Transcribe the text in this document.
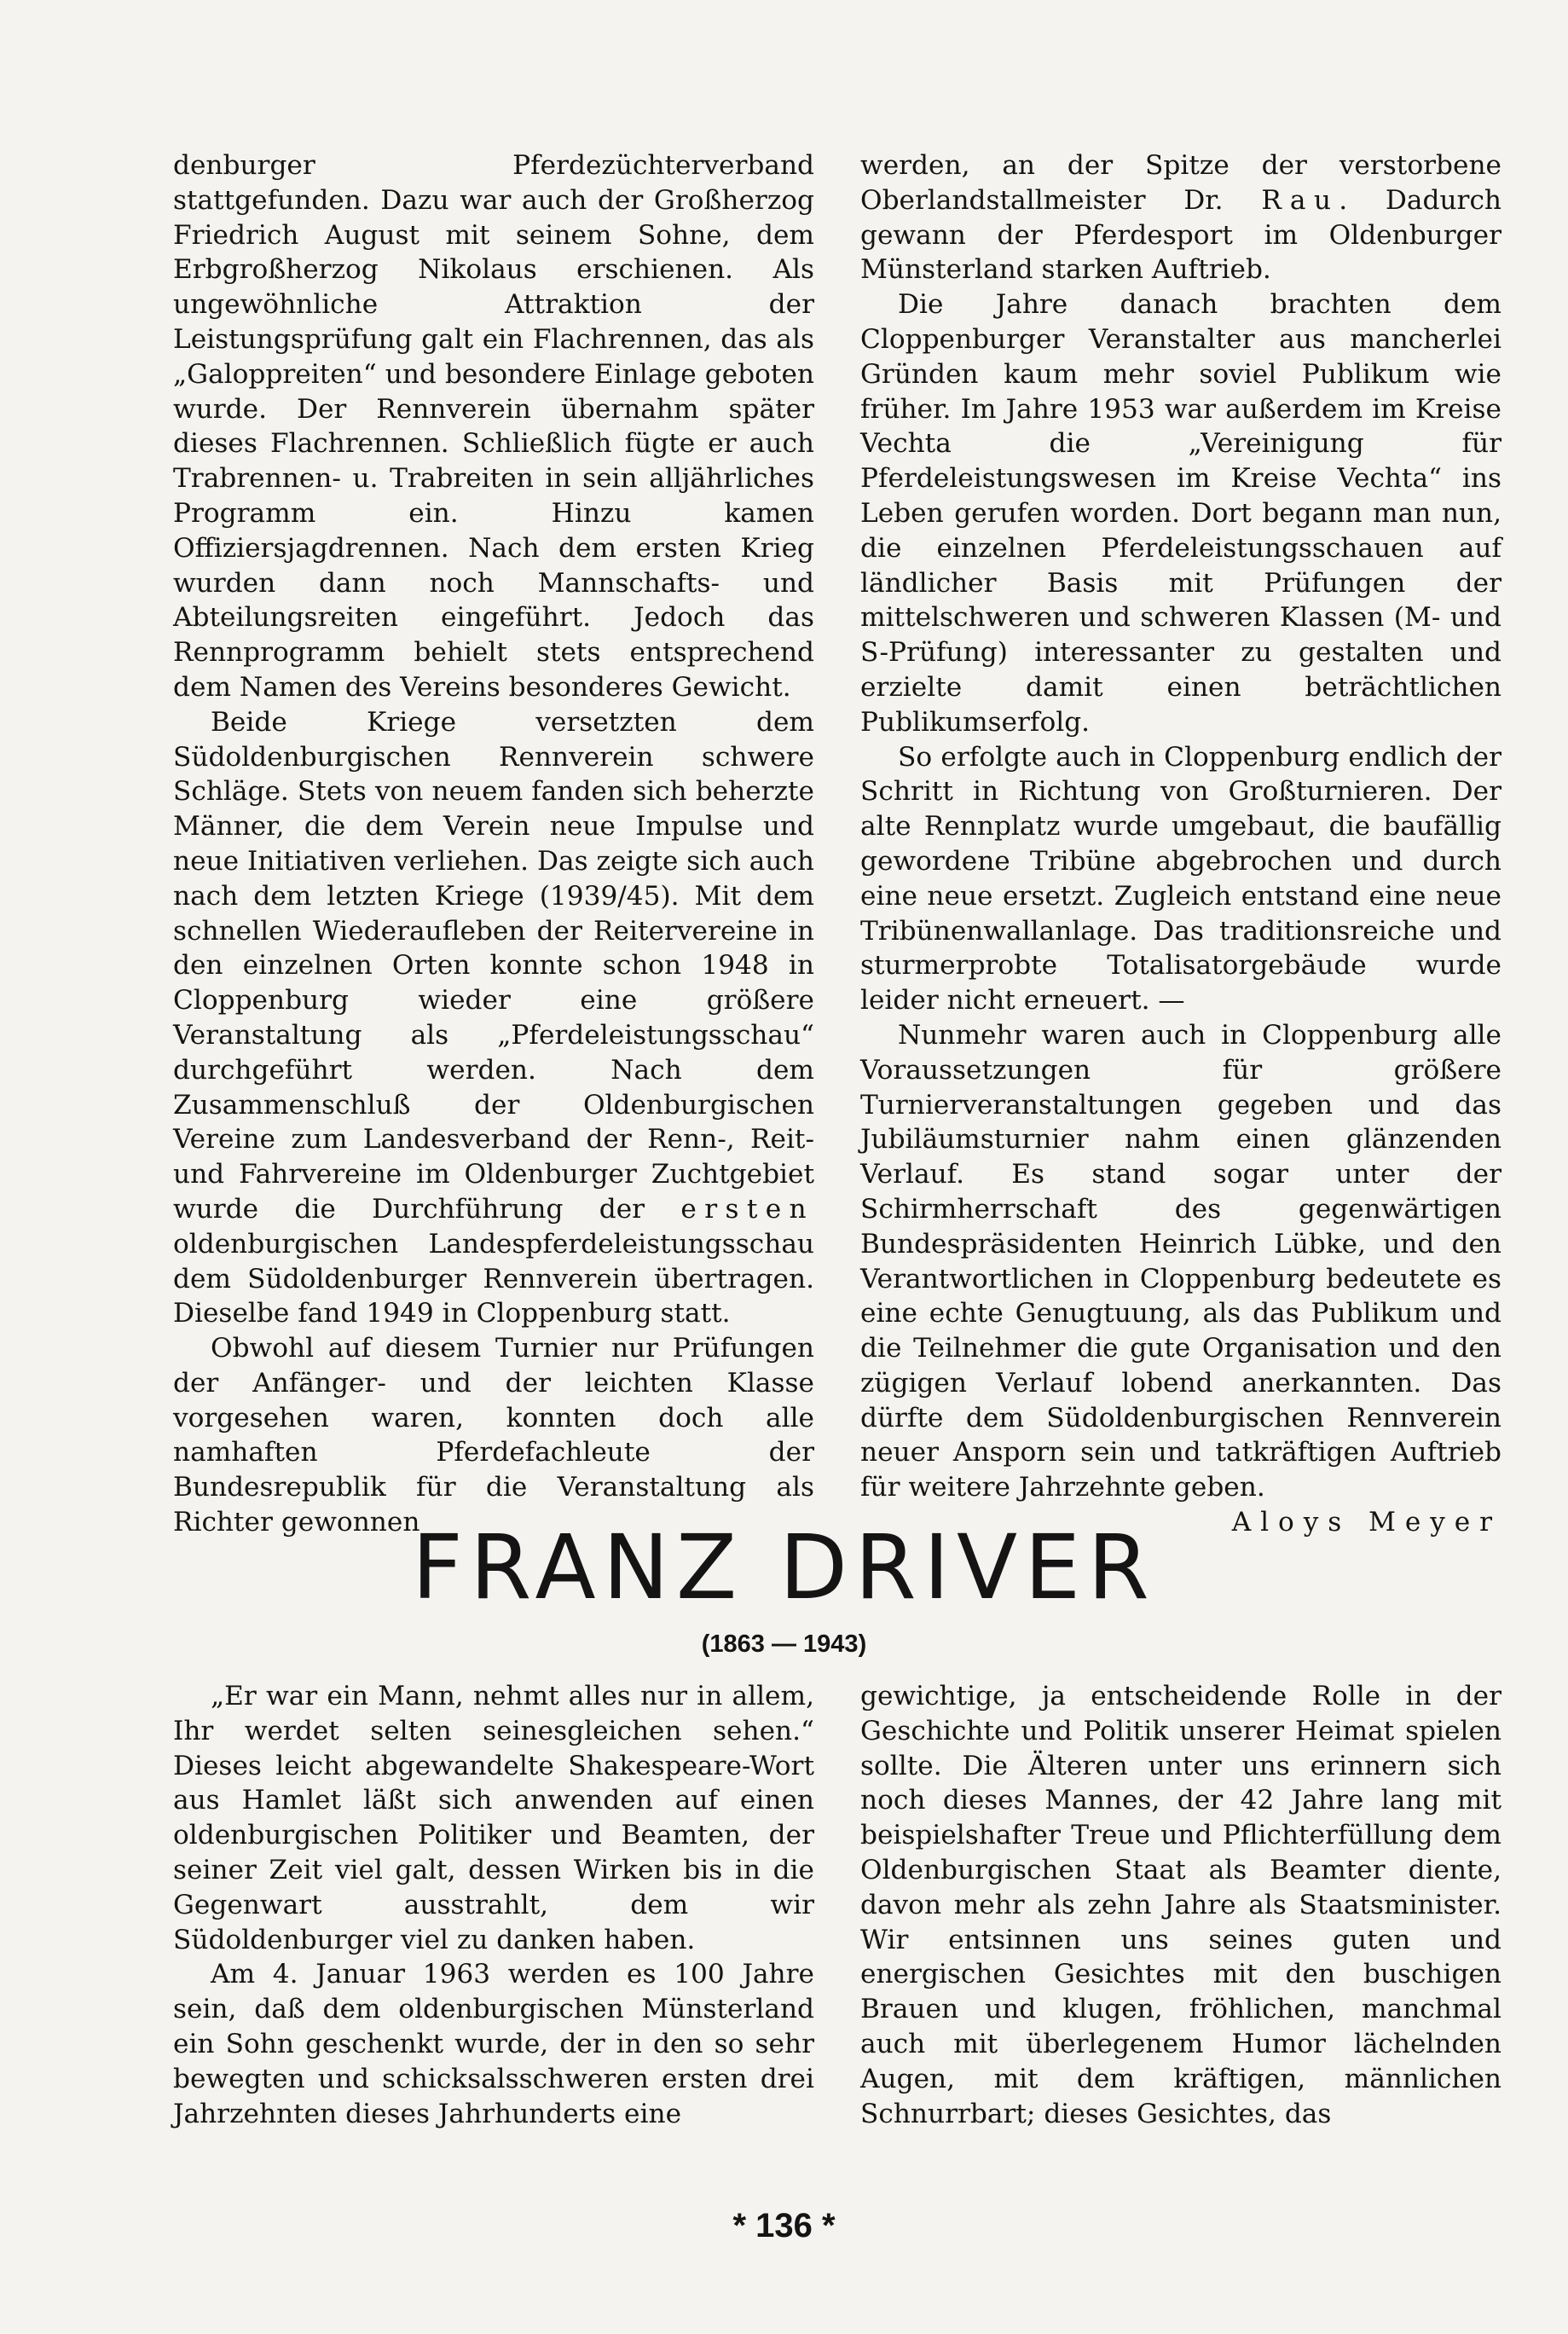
denburger Pferdezüchterverband stattgefunden. Dazu war auch der Großherzog Friedrich August mit seinem Sohne, dem Erbgroßherzog Nikolaus erschienen. Als ungewöhnliche Attraktion der Leistungsprüfung galt ein Flachrennen, das als „Galoppreiten“ und besondere Einlage geboten wurde. Der Rennverein übernahm später dieses Flachrennen. Schließlich fügte er auch Trabrennen- u. Trabreiten in sein alljährliches Programm ein. Hinzu kamen Offiziersjagdrennen. Nach dem ersten Krieg wurden dann noch Mannschafts- und Abteilungsreiten eingeführt. Jedoch das Rennprogramm behielt stets entsprechend dem Namen des Vereins besonderes Gewicht.

Beide Kriege versetzten dem Südoldenburgischen Rennverein schwere Schläge. Stets von neuem fanden sich beherzte Männer, die dem Verein neue Impulse und neue Initiativen verliehen. Das zeigte sich auch nach dem letzten Kriege (1939/45). Mit dem schnellen Wiederaufleben der Reitervereine in den einzelnen Orten konnte schon 1948 in Cloppenburg wieder eine größere Veranstaltung als „Pferdeleistungsschau“ durchgeführt werden. Nach dem Zusammenschluß der Oldenburgischen Vereine zum Landesverband der Renn-, Reit- und Fahrvereine im Oldenburger Zuchtgebiet wurde die Durchführung der ersten oldenburgischen Landespferdeleistungsschau dem Südoldenburger Rennverein übertragen. Dieselbe fand 1949 in Cloppenburg statt.

Obwohl auf diesem Turnier nur Prüfungen der Anfänger- und der leichten Klasse vorgesehen waren, konnten doch alle namhaften Pferdefachleute der Bundesrepublik für die Veranstaltung als Richter gewonnen

werden, an der Spitze der verstorbene Oberlandstallmeister Dr. Rau. Dadurch gewann der Pferdesport im Oldenburger Münsterland starken Auftrieb.

Die Jahre danach brachten dem Cloppenburger Veranstalter aus mancherlei Gründen kaum mehr soviel Publikum wie früher. Im Jahre 1953 war außerdem im Kreise Vechta die „Vereinigung für Pferdeleistungswesen im Kreise Vechta“ ins Leben gerufen worden. Dort begann man nun, die einzelnen Pferdeleistungsschauen auf ländlicher Basis mit Prüfungen der mittelschweren und schweren Klassen (M- und S-Prüfung) interessanter zu gestalten und erzielte damit einen beträchtlichen Publikumserfolg.

So erfolgte auch in Cloppenburg endlich der Schritt in Richtung von Großturnieren. Der alte Rennplatz wurde umgebaut, die baufällig gewordene Tribüne abgebrochen und durch eine neue ersetzt. Zugleich entstand eine neue Tribünenwallanlage. Das traditionsreiche und sturmerprobte Totalisatorgebäude wurde leider nicht erneuert. —

Nunmehr waren auch in Cloppenburg alle Voraussetzungen für größere Turnierveranstaltungen gegeben und das Jubiläumsturnier nahm einen glänzenden Verlauf. Es stand sogar unter der Schirmherrschaft des gegenwärtigen Bundespräsidenten Heinrich Lübke, und den Verantwortlichen in Cloppenburg bedeutete es eine echte Genugtuung, als das Publikum und die Teilnehmer die gute Organisation und den zügigen Verlauf lobend anerkannten. Das dürfte dem Südoldenburgischen Rennverein neuer Ansporn sein und tatkräftigen Auftrieb für weitere Jahrzehnte geben.
Aloys Meyer

FRANZ DRIVER
(1863 — 1943)

„Er war ein Mann, nehmt alles nur in allem, Ihr werdet selten seinesgleichen sehen.“ Dieses leicht abgewandelte Shakespeare-Wort aus Hamlet läßt sich anwenden auf einen oldenburgischen Politiker und Beamten, der seiner Zeit viel galt, dessen Wirken bis in die Gegenwart ausstrahlt, dem wir Südoldenburger viel zu danken haben.

Am 4. Januar 1963 werden es 100 Jahre sein, daß dem oldenburgischen Münsterland ein Sohn geschenkt wurde, der in den so sehr bewegten und schicksalsschweren ersten drei Jahrzehnten dieses Jahrhunderts eine

gewichtige, ja entscheidende Rolle in der Geschichte und Politik unserer Heimat spielen sollte. Die Älteren unter uns erinnern sich noch dieses Mannes, der 42 Jahre lang mit beispielshafter Treue und Pflichterfüllung dem Oldenburgischen Staat als Beamter diente, davon mehr als zehn Jahre als Staatsminister. Wir entsinnen uns seines guten und energischen Gesichtes mit den buschigen Brauen und klugen, fröhlichen, manchmal auch mit überlegenem Humor lächelnden Augen, mit dem kräftigen, männlichen Schnurrbart; dieses Gesichtes, das

* 136 *
